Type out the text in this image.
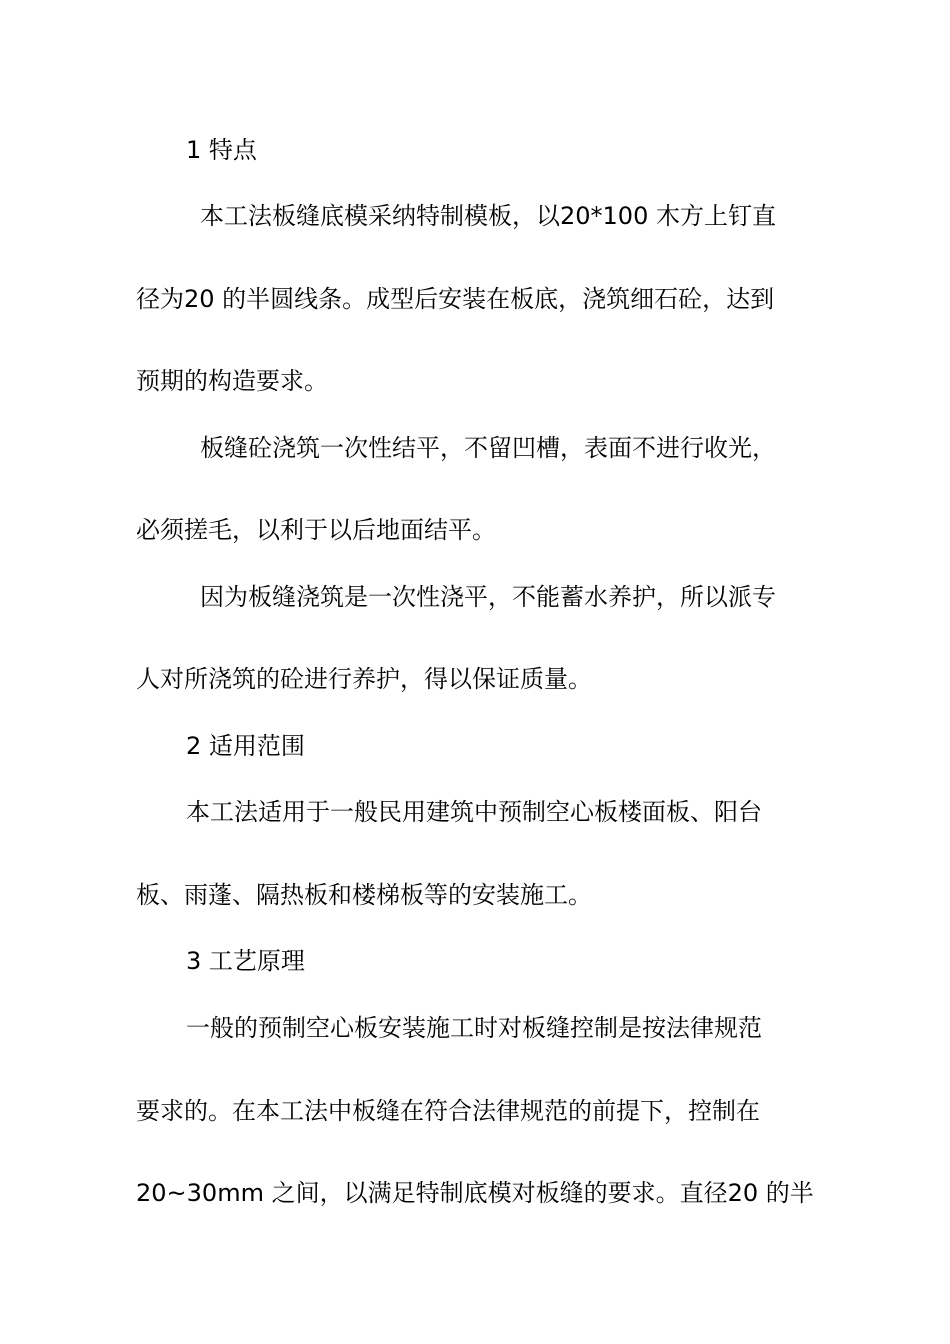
1 特点
本工法板缝底模采纳特制模板，以20*100 木方上钉直
径为20 的半圆线条。成型后安装在板底，浇筑细石砼，达到
预期的构造要求。
板缝砼浇筑一次性结平，不留凹槽，表面不进行收光，
必须搓毛，以利于以后地面结平。
因为板缝浇筑是一次性浇平，不能蓄水养护，所以派专
人对所浇筑的砼进行养护，得以保证质量。
2 适用范围
本工法适用于一般民用建筑中预制空心板楼面板、阳台
板、雨蓬、隔热板和楼梯板等的安装施工。
3 工艺原理
一般的预制空心板安装施工时对板缝控制是按法律规范
要求的。在本工法中板缝在符合法律规范的前提下，控制在
20~30mm 之间，以满足特制底模对板缝的要求。直径20 的半
